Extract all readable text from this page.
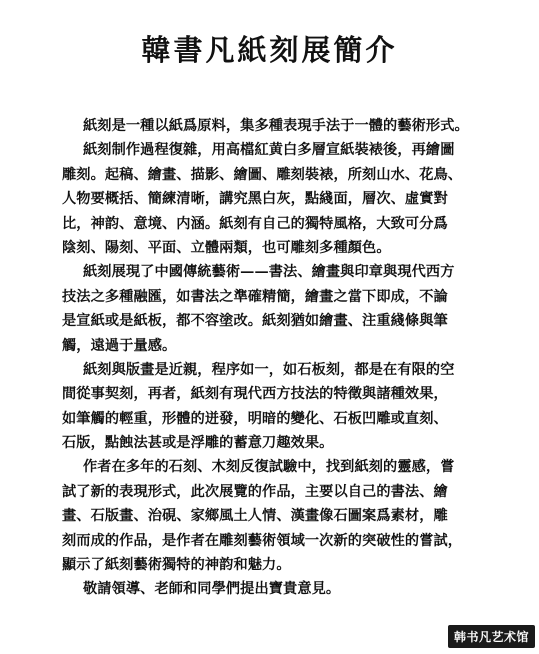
韓書凡紙刻展簡介
紙刻是一種以紙爲原料，集多種表現手法于一體的藝術形式。
紙刻制作過程復雜，用高檔紅黄白多層宣紙裝裱後，再繪圖
雕刻。起稿、繪畫、描影、繪圖、雕刻裝裱，所刻山水、花鳥、
人物要概括、簡練清晰，講究黑白灰，點綫面，層次、虛實對
比，神韵、意境、内涵。紙刻有自己的獨特風格，大致可分爲
陰刻、陽刻、平面、立體兩類，也可雕刻多種顏色。
紙刻展現了中國傳統藝術——書法、繪畫與印章與現代西方
技法之多種融匯，如書法之準確精簡，繪畫之當下即成，不論
是宣紙或是紙板，都不容塗改。紙刻猶如繪畫、注重綫條與筆
觸，遠過于量感。
紙刻與版畫是近親，程序如一，如石板刻，都是在有限的空
間從事契刻，再者，紙刻有現代西方技法的特徵與諸種效果，
如筆觸的輕重，形體的迸發，明暗的變化、石板凹雕或直刻、
石版，點蝕法甚或是浮雕的蓄意刀趣效果。
作者在多年的石刻、木刻反復試驗中，找到紙刻的靈感，嘗
試了新的表現形式，此次展覽的作品，主要以自己的書法、繪
畫、石版畫、治硯、家鄉風土人情、漢畫像石圖案爲素材，雕
刻而成的作品，是作者在雕刻藝術領域一次新的突破性的嘗試，
顯示了紙刻藝術獨特的神韵和魅力。
敬請領導、老師和同學們提出寶貴意見。
韩书凡艺术馆
